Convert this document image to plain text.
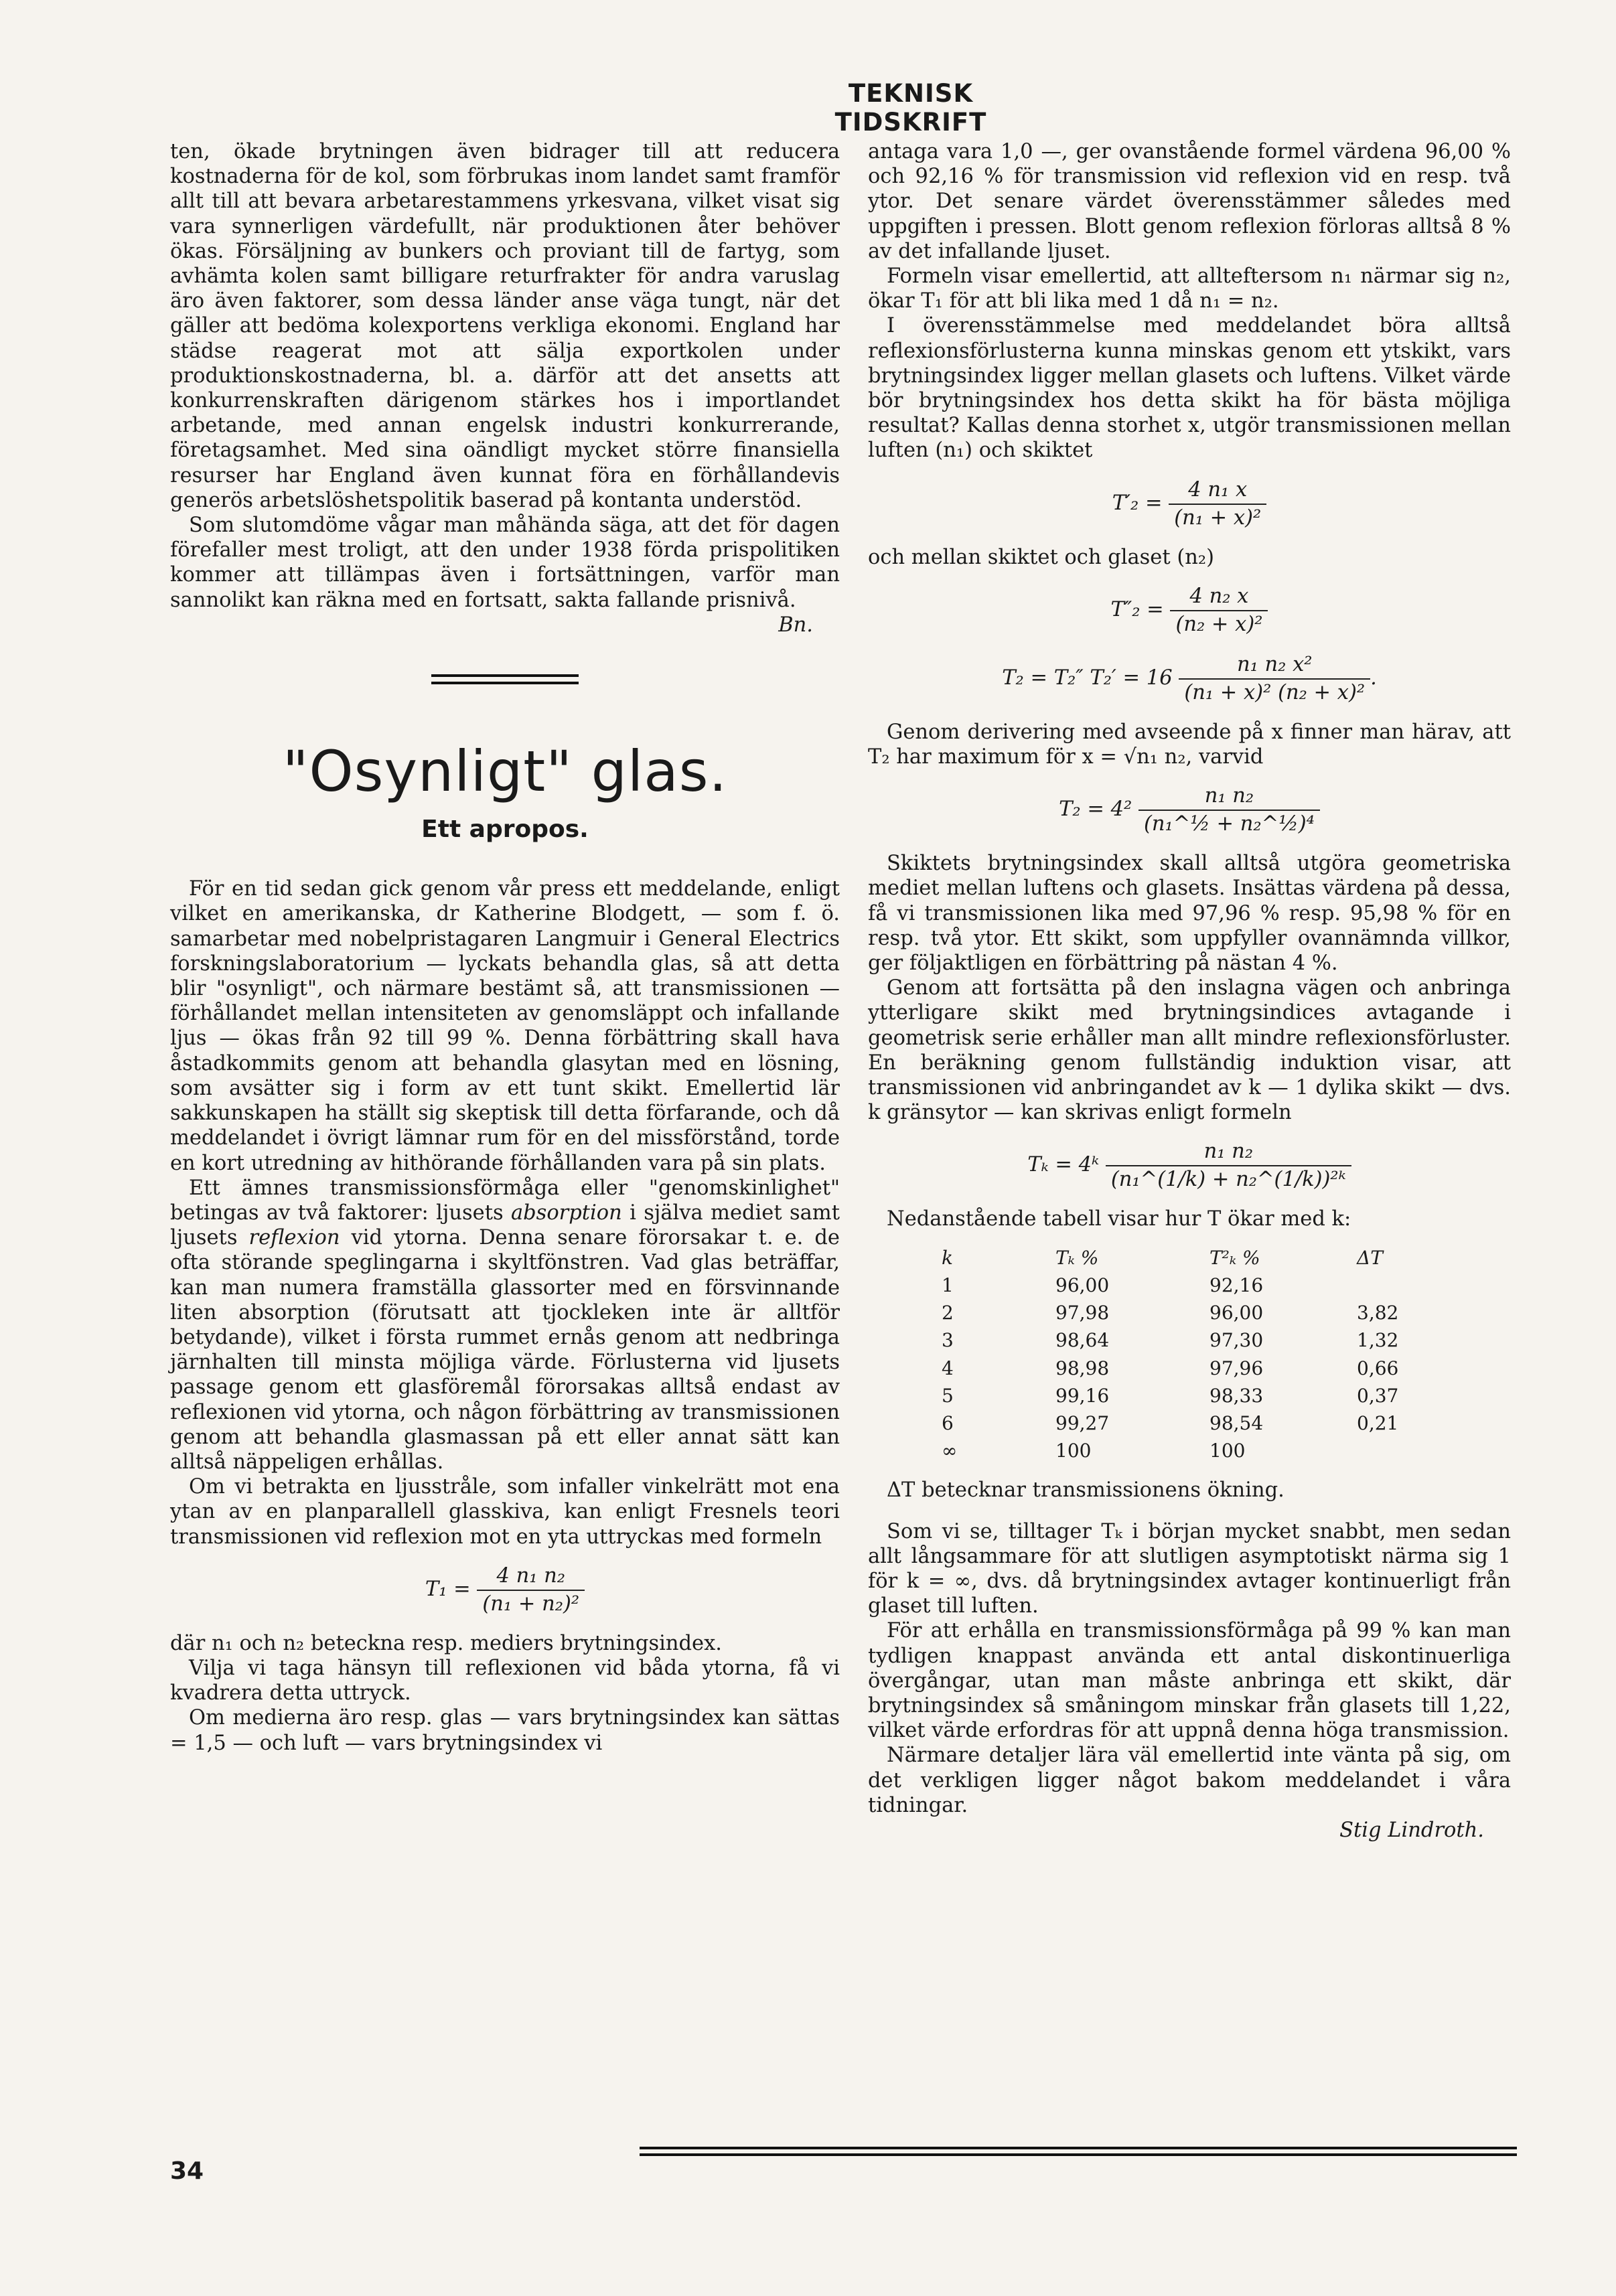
TEKNISK TIDSKRIFT

ten, ökade brytningen även bidrager till att reducera kostnaderna för de kol, som förbrukas inom landet samt framför allt till att bevara arbetarestammens yrkesvana, vilket visat sig vara synnerligen värdefullt, när produktionen åter behöver ökas. Försäljning av bunkers och proviant till de fartyg, som avhämta kolen samt billigare returfrakter för andra varuslag äro även faktorer, som dessa länder anse väga tungt, när det gäller att bedöma kolexportens verkliga ekonomi. England har städse reagerat mot att sälja exportkolen under produktionskostnaderna, bl. a. därför att det ansetts att konkurrenskraften därigenom stärkes hos i importlandet arbetande, med annan engelsk industri konkurrerande, företagsamhet. Med sina oändligt mycket större finansiella resurser har England även kunnat föra en förhållandevis generös arbetslöshetspolitik baserad på kontanta understöd.

Som slutomdöme vågar man måhända säga, att det för dagen förefaller mest troligt, att den under 1938 förda prispolitiken kommer att tillämpas även i fortsättningen, varför man sannolikt kan räkna med en fortsatt, sakta fallande prisnivå.

Bn.

"Osynligt" glas.
Ett apropos.

För en tid sedan gick genom vår press ett meddelande, enligt vilket en amerikanska, dr Katherine Blodgett, — som f. ö. samarbetar med nobelpristagaren Langmuir i General Electrics forskningslaboratorium — lyckats behandla glas, så att detta blir "osynligt", och närmare bestämt så, att transmissionen — förhållandet mellan intensiteten av genomsläppt och infallande ljus — ökas från 92 till 99 %. Denna förbättring skall hava åstadkommits genom att behandla glasytan med en lösning, som avsätter sig i form av ett tunt skikt. Emellertid lär sakkunskapen ha ställt sig skeptisk till detta förfarande, och då meddelandet i övrigt lämnar rum för en del missförstånd, torde en kort utredning av hithörande förhållanden vara på sin plats.

Ett ämnes transmissionsförmåga eller "genomskinlighet" betingas av två faktorer: ljusets absorption i själva mediet samt ljusets reflexion vid ytorna. Denna senare förorsakar t. e. de ofta störande speglingarna i skyltfönstren. Vad glas beträffar, kan man numera framställa glassorter med en försvinnande liten absorption (förutsatt att tjockleken inte är alltför betydande), vilket i första rummet ernås genom att nedbringa järnhalten till minsta möjliga värde. Förlusterna vid ljusets passage genom ett glasföremål förorsakas alltså endast av reflexionen vid ytorna, och någon förbättring av transmissionen genom att behandla glasmassan på ett eller annat sätt kan alltså näppeligen erhållas.

Om vi betrakta en ljusstråle, som infaller vinkelrätt mot ena ytan av en planparallell glasskiva, kan enligt Fresnels teori transmissionen vid reflexion mot en yta uttryckas med formeln

$T_1 = \frac{\text{4 n₁ n₂}}{\text{(n₁ + n₂)²}}$

där n₁ och n₂ beteckna resp. mediers brytningsindex.

Vilja vi taga hänsyn till reflexionen vid båda ytorna, få vi kvadrera detta uttryck.

Om medierna äro resp. glas — vars brytningsindex kan sättas = 1,5 — och luft — vars brytningsindex vi

antaga vara 1,0 —, ger ovanstående formel värdena 96,00 % och 92,16 % för transmission vid reflexion vid en resp. två ytor. Det senare värdet överensstämmer således med uppgiften i pressen. Blott genom reflexion förloras alltså 8 % av det infallande ljuset.

Formeln visar emellertid, att allteftersom n₁ närmar sig n₂, ökar T₁ för att bli lika med 1 då n₁ = n₂.

I överensstämmelse med meddelandet böra alltså reflexionsförlusterna kunna minskas genom ett ytskikt, vars brytningsindex ligger mellan glasets och luftens. Vilket värde bör brytningsindex hos detta skikt ha för bästa möjliga resultat? Kallas denna storhet x, utgör transmissionen mellan luften (n₁) och skiktet

$T'_2 = \frac{\text{4 n₁ x}}{\text{(n₁ + x)²}}$

och mellan skiktet och glaset (n₂)

$T''_2 = \frac{\text{4 n₂ x}}{\text{(n₂ + x)²}}$
T₂ = T₂″ $T_2' = 16 \frac{\text{n₁ n₂ x²}}{\text{(n₁ + x)² (n₂ + x)²}}$ .

Genom derivering med avseende på x finner man härav, att T₂ har maximum för x = √n₁ n₂, varvid

$T_2 = 4^2 \frac{\text{n₁ n₂}}{\text{(n₁\textasciicircum{}½ + n₂\textasciicircum{}½)⁴}}$

Skiktets brytningsindex skall alltså utgöra geometriska mediet mellan luftens och glasets. Insättas värdena på dessa, få vi transmissionen lika med 97,96 % resp. 95,98 % för en resp. två ytor. Ett skikt, som uppfyller ovannämnda villkor, ger följaktligen en förbättring på nästan 4 %.

Genom att fortsätta på den inslagna vägen och anbringa ytterligare skikt med brytningsindices avtagande i geometrisk serie erhåller man allt mindre reflexionsförluster. En beräkning genom fullständig induktion visar, att transmissionen vid anbringandet av k — 1 dylika skikt — dvs. k gränsytor — kan skrivas enligt formeln

Tₖ = 4ᵏ $\frac{\text{n₁ n₂}}{\text{(n₁\textasciicircum{}(1/k) + n₂\textasciicircum{}(1/k))²ᵏ}}$

Nedanstående tabell visar hur T ökar med k:

k	Tₖ %	T²ₖ %	ΔT
1	96,00	92,16	
2	97,98	96,00	3,82
3	98,64	97,30	1,32
4	98,98	97,96	0,66
5	99,16	98,33	0,37
6	99,27	98,54	0,21
∞	100	100	

ΔT betecknar transmissionens ökning.

Som vi se, tilltager Tₖ i början mycket snabbt, men sedan allt långsammare för att slutligen asymptotiskt närma sig 1 för k = ∞, dvs. då brytningsindex avtager kontinuerligt från glaset till luften.

För att erhålla en transmissionsförmåga på 99 % kan man tydligen knappast använda ett antal diskontinuerliga övergångar, utan man måste anbringa ett skikt, där brytningsindex så småningom minskar från glasets till 1,22, vilket värde erfordras för att uppnå denna höga transmission.

Närmare detaljer lära väl emellertid inte vänta på sig, om det verkligen ligger något bakom meddelandet i våra tidningar.

Stig Lindroth.

34
